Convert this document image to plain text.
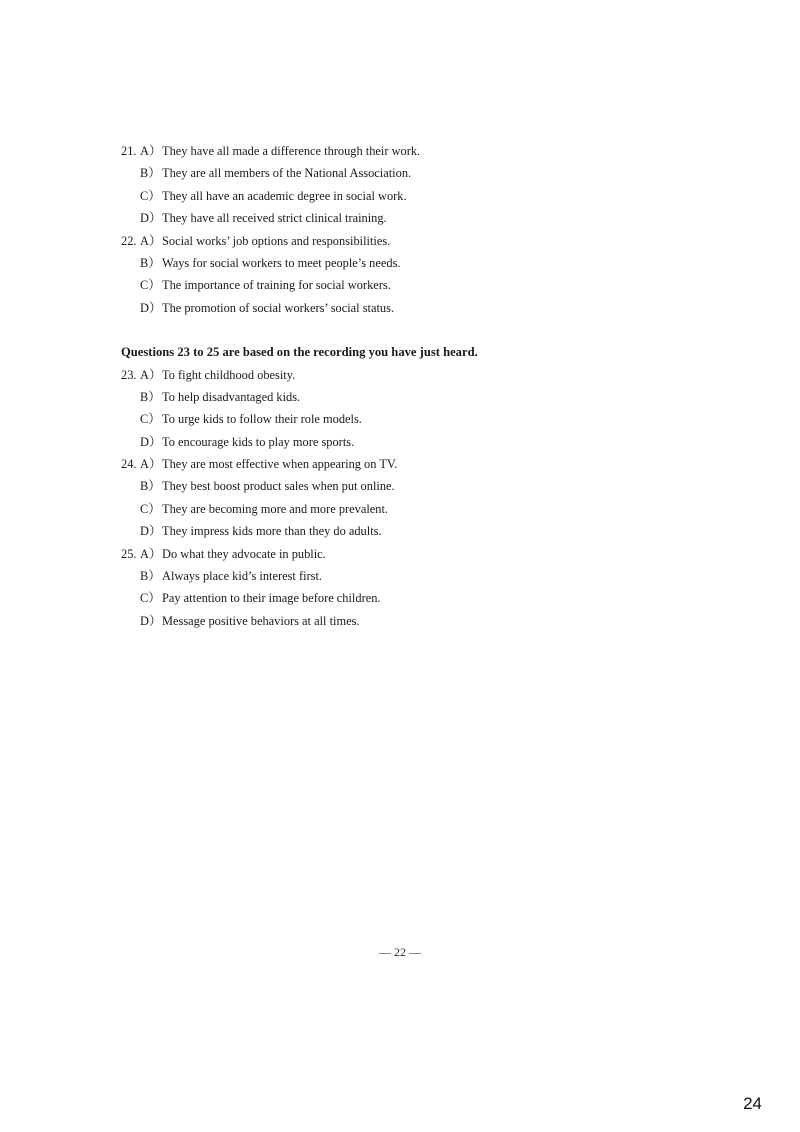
21. A）They have all made a difference through their work.
B）They are all members of the National Association.
C）They all have an academic degree in social work.
D）They have all received strict clinical training.
22. A）Social works’ job options and responsibilities.
B）Ways for social workers to meet people’s needs.
C）The importance of training for social workers.
D）The promotion of social workers’ social status.
Questions 23 to 25 are based on the recording you have just heard.
23. A）To fight childhood obesity.
B）To help disadvantaged kids.
C）To urge kids to follow their role models.
D）To encourage kids to play more sports.
24. A）They are most effective when appearing on TV.
B）They best boost product sales when put online.
C）They are becoming more and more prevalent.
D）They impress kids more than they do adults.
25. A）Do what they advocate in public.
B）Always place kid’s interest first.
C）Pay attention to their image before children.
D）Message positive behaviors at all times.
— 22 —
24
